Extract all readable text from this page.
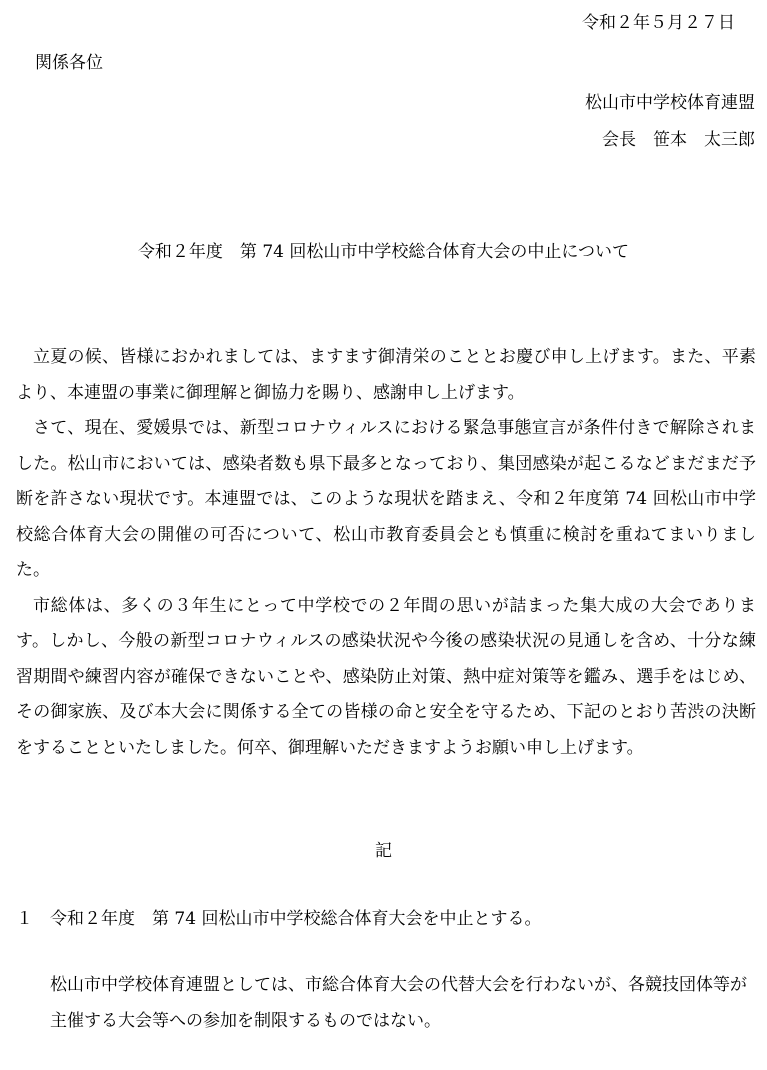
令和２年５月２７日
関係各位
松山市中学校体育連盟
会長　笹本　太三郎
令和２年度　第 74 回松山市中学校総合体育大会の中止について

立夏の候、皆様におかれましては、ますます御清栄のこととお慶び申し上げます。また、平素より、本連盟の事業に御理解と御協力を賜り、感謝申し上げます。

さて、現在、愛媛県では、新型コロナウィルスにおける緊急事態宣言が条件付きで解除されました。松山市においては、感染者数も県下最多となっており、集団感染が起こるなどまだまだ予断を許さない現状です。本連盟では、このような現状を踏まえ、令和２年度第 74 回松山市中学校総合体育大会の開催の可否について、松山市教育委員会とも慎重に検討を重ねてまいりました。

市総体は、多くの３年生にとって中学校での２年間の思いが詰まった集大成の大会であります。しかし、今般の新型コロナウィルスの感染状況や今後の感染状況の見通しを含め、十分な練習期間や練習内容が確保できないことや、感染防止対策、熱中症対策等を鑑み、選手をはじめ、その御家族、及び本大会に関係する全ての皆様の命と安全を守るため、下記のとおり苦渋の決断をすることといたしました。何卒、御理解いただきますようお願い申し上げます。

記
１ 令和２年度　第 74 回松山市中学校総合体育大会を中止とする。
松山市中学校体育連盟としては、市総合体育大会の代替大会を行わないが、各競技団体等が主催する大会等への参加を制限するものではない。
